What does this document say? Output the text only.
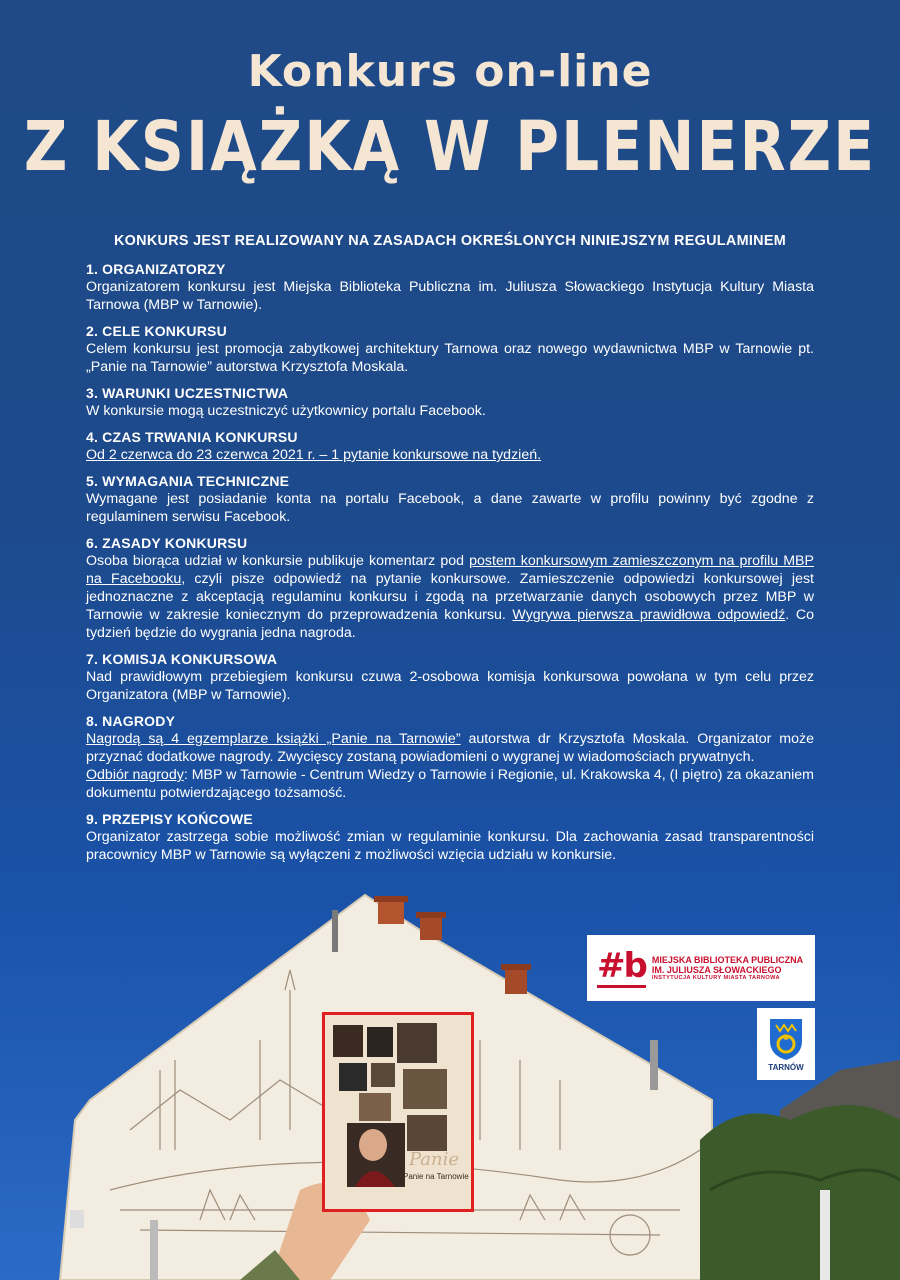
Konkurs on-line
Z KSIĄŻKĄ W PLENERZE
KONKURS JEST REALIZOWANY NA ZASADACH OKREŚLONYCH NINIEJSZYM REGULAMINEM
1. ORGANIZATORZY
Organizatorem konkursu jest Miejska Biblioteka Publiczna im. Juliusza Słowackiego Instytucja Kultury Miasta Tarnowa (MBP w Tarnowie).
2. CELE KONKURSU
Celem konkursu jest promocja zabytkowej architektury Tarnowa oraz nowego wydawnictwa MBP w Tarnowie pt. „Panie na Tarnowie” autorstwa Krzysztofa Moskala.
3. WARUNKI UCZESTNICTWA
W konkursie mogą uczestniczyć użytkownicy portalu Facebook.
4. CZAS TRWANIA KONKURSU
Od 2 czerwca do 23 czerwca 2021 r. – 1 pytanie konkursowe na tydzień.
5. WYMAGANIA TECHNICZNE
Wymagane jest posiadanie konta na portalu Facebook, a dane zawarte w profilu powinny być zgodne z regulaminem serwisu Facebook.
6. ZASADY KONKURSU
Osoba biorąca udział w konkursie publikuje komentarz pod postem konkursowym zamieszczonym na profilu MBP na Facebooku, czyli pisze odpowiedź na pytanie konkursowe. Zamieszczenie odpowiedzi konkursowej jest jednoznaczne z akceptacją regulaminu konkursu i zgodą na przetwarzanie danych osobowych przez MBP w Tarnowie w zakresie koniecznym do przeprowadzenia konkursu. Wygrywa pierwsza prawidłowa odpowiedź. Co tydzień będzie do wygrania jedna nagroda.
7. KOMISJA KONKURSOWA
Nad prawidłowym przebiegiem konkursu czuwa 2-osobowa komisja konkursowa powołana w tym celu przez Organizatora (MBP w Tarnowie).
8. NAGRODY
Nagrodą są 4 egzemplarze książki „Panie na Tarnowie” autorstwa dr Krzysztofa Moskala. Organizator może przyznać dodatkowe nagrody. Zwycięscy zostaną powiadomieni o wygranej w wiadomościach prywatnych.
Odbiór nagrody: MBP w Tarnowie - Centrum Wiedzy o Tarnowie i Regionie, ul. Krakowska 4, (I piętro) za okazaniem dokumentu potwierdzającego tożsamość.
9. PRZEPISY KOŃCOWE
Organizator zastrzega sobie możliwość zmian w regulaminie konkursu. Dla zachowania zasad transparentności pracownicy MBP w Tarnowie są wyłączeni z możliwości wzięcia udziału w konkursie.
Panie
Panie na Tarnowie
#b MIEJSKA BIBLIOTEKA PUBLICZNA
IM. JULIUSZA SŁOWACKIEGO
INSTYTUCJA KULTURY MIASTA TARNOWA
TARNÓW
